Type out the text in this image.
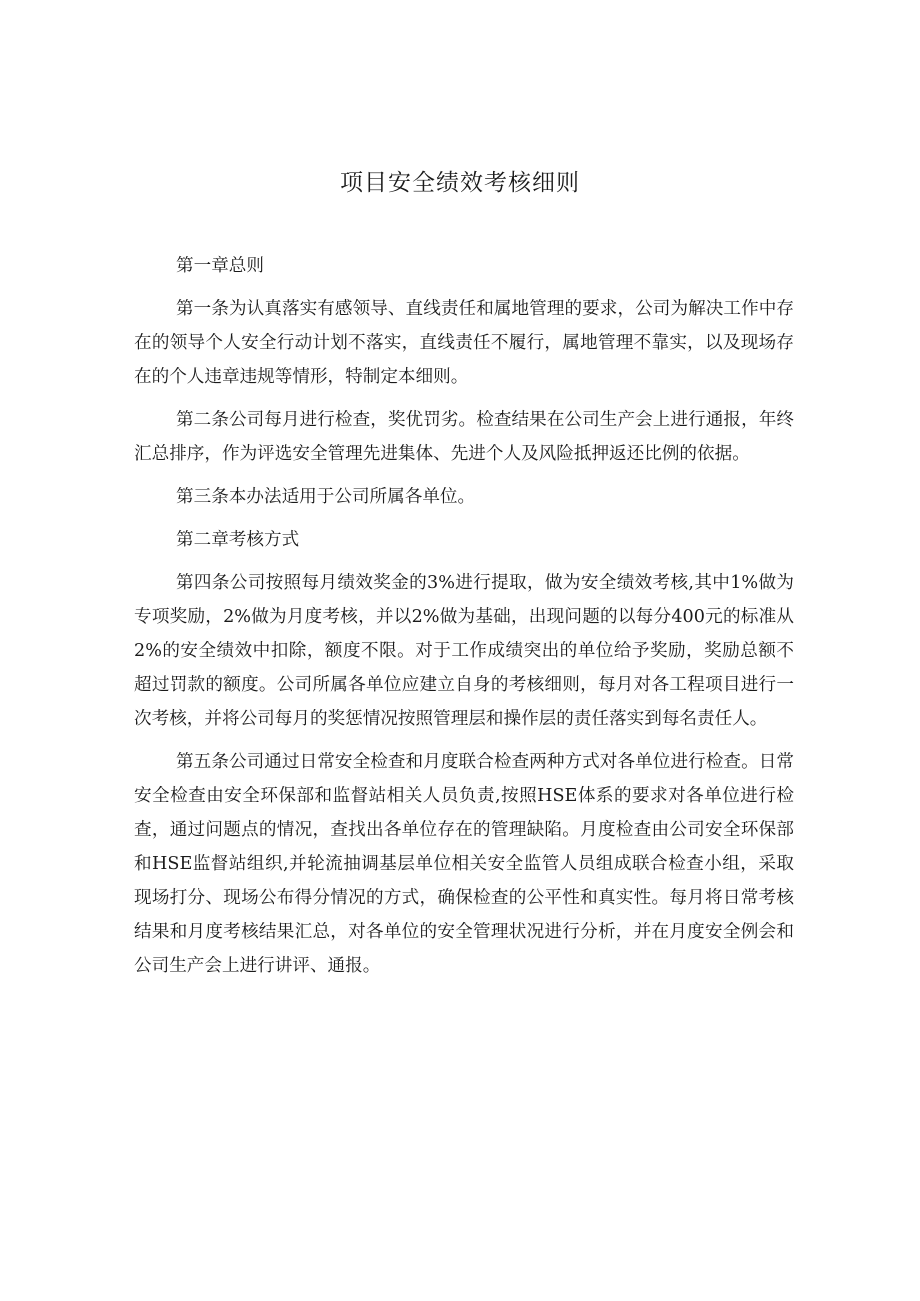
项目安全绩效考核细则

第一章总则

第一条为认真落实有感领导、直线责任和属地管理的要求，公司为解决工作中存在的领导个人安全行动计划不落实，直线责任不履行，属地管理不靠实，以及现场存在的个人违章违规等情形，特制定本细则。

第二条公司每月进行检查，奖优罚劣。检查结果在公司生产会上进行通报，年终汇总排序，作为评选安全管理先进集体、先进个人及风险抵押返还比例的依据。

第三条本办法适用于公司所属各单位。

第二章考核方式

第四条公司按照每月绩效奖金的3%进行提取，做为安全绩效考核,其中1%做为专项奖励，2%做为月度考核，并以2%做为基础，出现问题的以每分400元的标准从2%的安全绩效中扣除，额度不限。对于工作成绩突出的单位给予奖励，奖励总额不超过罚款的额度。公司所属各单位应建立自身的考核细则，每月对各工程项目进行一次考核，并将公司每月的奖惩情况按照管理层和操作层的责任落实到每名责任人。

第五条公司通过日常安全检查和月度联合检查两种方式对各单位进行检查。日常安全检查由安全环保部和监督站相关人员负责,按照HSE体系的要求对各单位进行检查，通过问题点的情况，查找出各单位存在的管理缺陷。月度检查由公司安全环保部和HSE监督站组织,并轮流抽调基层单位相关安全监管人员组成联合检查小组，采取现场打分、现场公布得分情况的方式，确保检查的公平性和真实性。每月将日常考核结果和月度考核结果汇总，对各单位的安全管理状况进行分析，并在月度安全例会和公司生产会上进行讲评、通报。
